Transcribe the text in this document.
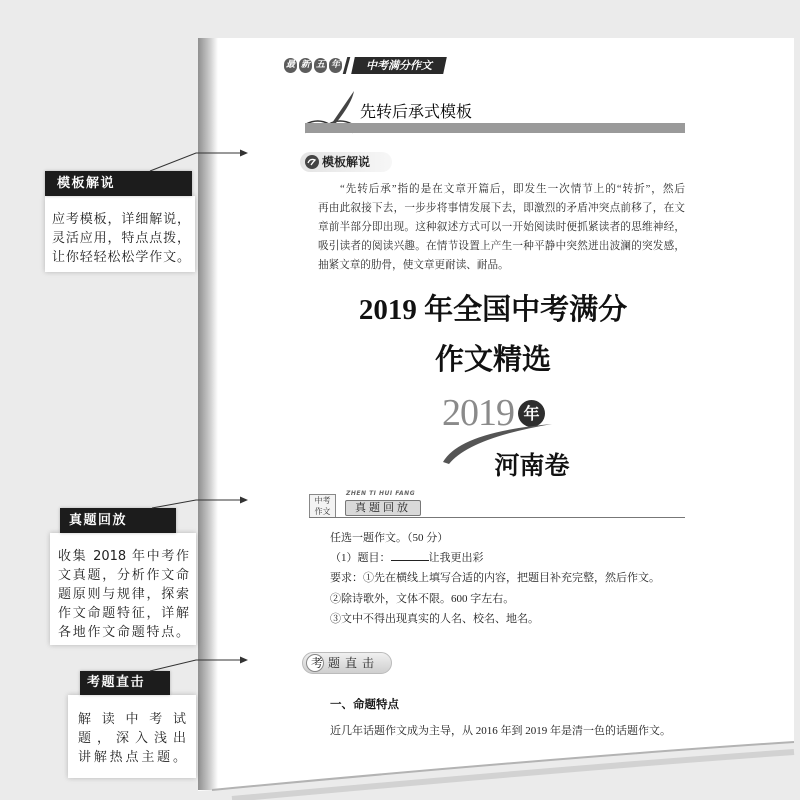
最 新 五 年	中考满分作文
先转后承式模板
模板解说
“先转后承”指的是在文章开篇后，即发生一次情节上的“转折”，然后
再由此叙接下去，一步步将事情发展下去，即激烈的矛盾冲突点前移了，在文
章前半部分即出现。这种叙述方式可以一开始阅读时便抓紧读者的思维神经，
吸引读者的阅读兴趣。在情节设置上产生一种平静中突然迸出波澜的突发感，
抽紧文章的肋骨，使文章更耐读、耐品。
2019 年全国中考满分
作文精选
2019 年
河南卷
中考
作文
ZHEN TI HUI FANG
真题回放
任选一题作文。（50 分）
（1）题目：	让我更出彩
要求：①先在横线上填写合适的内容，把题目补充完整，然后作文。
②除诗歌外，文体不限。600 字左右。
③文中不得出现真实的人名、校名、地名。
考题直击
一、命题特点
近几年话题作文成为主导，从 2016 年到 2019 年是清一色的话题作文。
模板解说
应考模板，详细解说，
灵活应用，特点点拨，
让你轻轻松松学作文。
真题回放
收集 2018 年中考作
文真题，分析作文命
题原则与规律，探索
作文命题特征，详解
各地作文命题特点。
考题直击
解读中考试
题，深入浅出
讲解热点主题。
